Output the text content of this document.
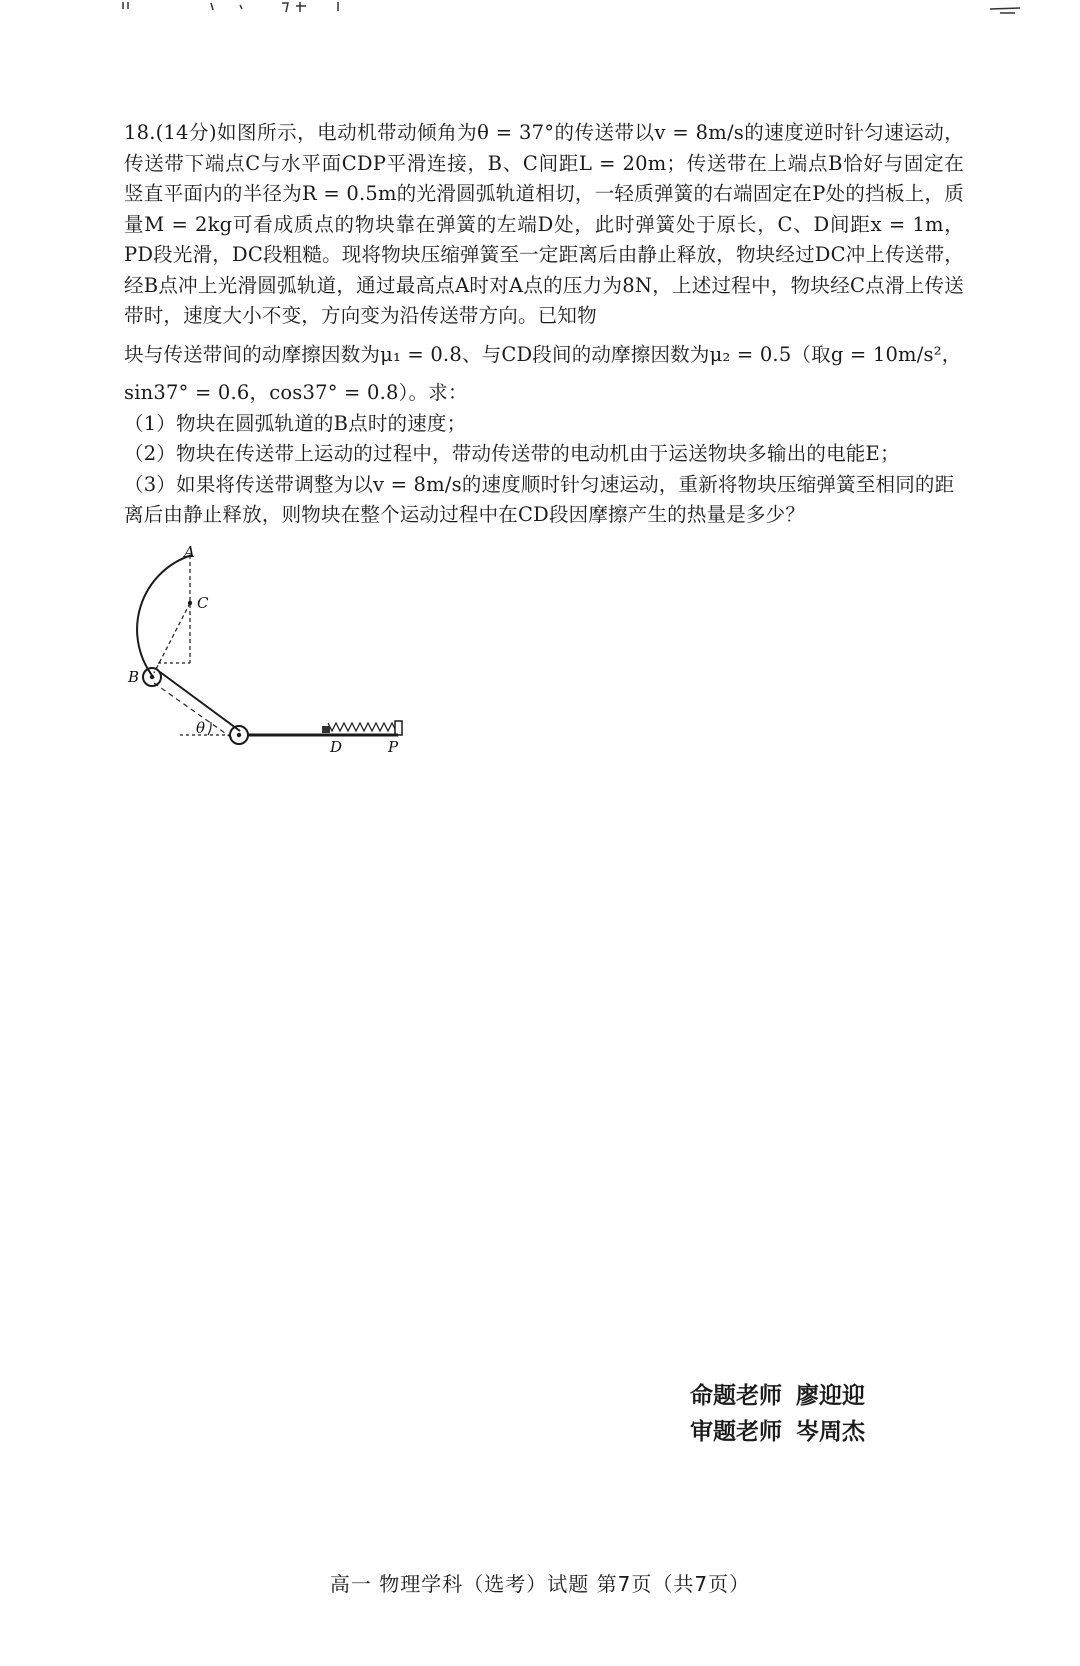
18.(14分)如图所示，电动机带动倾角为θ = 37°的传送带以v = 8m/s的速度逆时针匀速运动，传送带下端点C与水平面CDP平滑连接，B、C间距L = 20m；传送带在上端点B恰好与固定在竖直平面内的半径为R = 0.5m的光滑圆弧轨道相切，一轻质弹簧的右端固定在P处的挡板上，质量M = 2kg可看成质点的物块靠在弹簧的左端D处，此时弹簧处于原长，C、D间距x = 1m，PD段光滑，DC段粗糙。现将物块压缩弹簧至一定距离后由静止释放，物块经过DC冲上传送带，经B点冲上光滑圆弧轨道，通过最高点A时对A点的压力为8N，上述过程中，物块经C点滑上传送带时，速度大小不变，方向变为沿传送带方向。已知物

块与传送带间的动摩擦因数为μ₁ = 0.8、与CD段间的动摩擦因数为μ₂ = 0.5（取g = 10m/s²，

sin37° = 0.6，cos37° = 0.8）。求：

（1）物块在圆弧轨道的B点时的速度；

（2）物块在传送带上运动的过程中，带动传送带的电动机由于运送物块多输出的电能E；

（3）如果将传送带调整为以v = 8m/s的速度顺时针匀速运动，重新将物块压缩弹簧至相同的距离后由静止释放，则物块在整个运动过程中在CD段因摩擦产生的热量是多少？

A
B
C
D	P
θ
命题老师 廖迎迎
审题老师 岑周杰
高一 物理学科（选考）试题 第7页（共7页）
